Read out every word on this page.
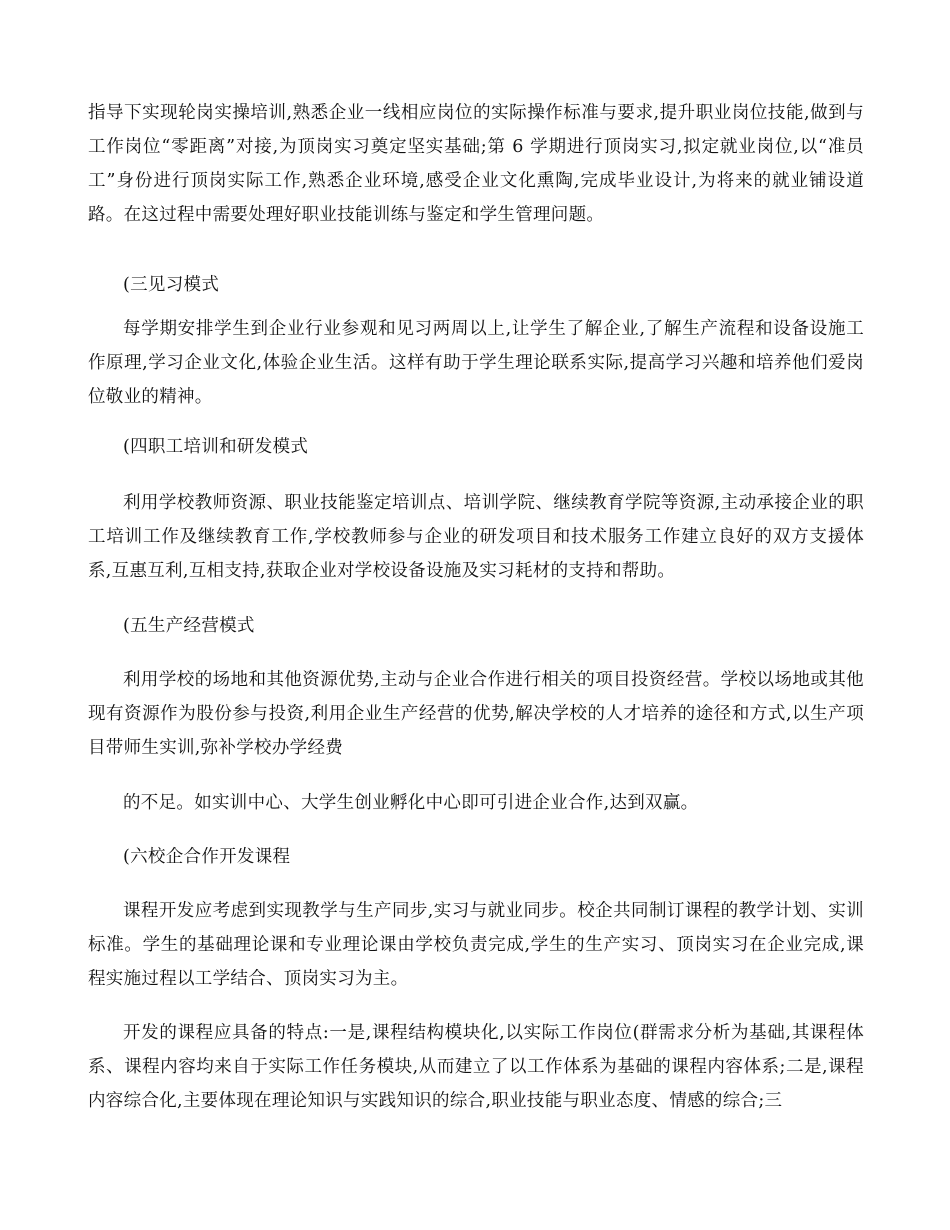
指导下实现轮岗实操培训,熟悉企业一线相应岗位的实际操作标准与要求,提升职业岗位技能,做到与工作岗位“零距离”对接,为顶岗实习奠定坚实基础;第 6 学期进行顶岗实习,拟定就业岗位,以“准员工”身份进行顶岗实际工作,熟悉企业环境,感受企业文化熏陶,完成毕业设计,为将来的就业铺设道路。在这过程中需要处理好职业技能训练与鉴定和学生管理问题。

(三见习模式

每学期安排学生到企业行业参观和见习两周以上,让学生了解企业,了解生产流程和设备设施工作原理,学习企业文化,体验企业生活。这样有助于学生理论联系实际,提高学习兴趣和培养他们爱岗位敬业的精神。

(四职工培训和研发模式

利用学校教师资源、职业技能鉴定培训点、培训学院、继续教育学院等资源,主动承接企业的职工培训工作及继续教育工作,学校教师参与企业的研发项目和技术服务工作建立良好的双方支援体系,互惠互利,互相支持,获取企业对学校设备设施及实习耗材的支持和帮助。

(五生产经营模式

利用学校的场地和其他资源优势,主动与企业合作进行相关的项目投资经营。学校以场地或其他现有资源作为股份参与投资,利用企业生产经营的优势,解决学校的人才培养的途径和方式,以生产项目带师生实训,弥补学校办学经费

的不足。如实训中心、大学生创业孵化中心即可引进企业合作,达到双赢。

(六校企合作开发课程

课程开发应考虑到实现教学与生产同步,实习与就业同步。校企共同制订课程的教学计划、实训标准。学生的基础理论课和专业理论课由学校负责完成,学生的生产实习、顶岗实习在企业完成,课程实施过程以工学结合、顶岗实习为主。

开发的课程应具备的特点:一是,课程结构模块化,以实际工作岗位(群需求分析为基础,其课程体系、课程内容均来自于实际工作任务模块,从而建立了以工作体系为基础的课程内容体系;二是,课程内容综合化,主要体现在理论知识与实践知识的综合,职业技能与职业态度、情感的综合;三
